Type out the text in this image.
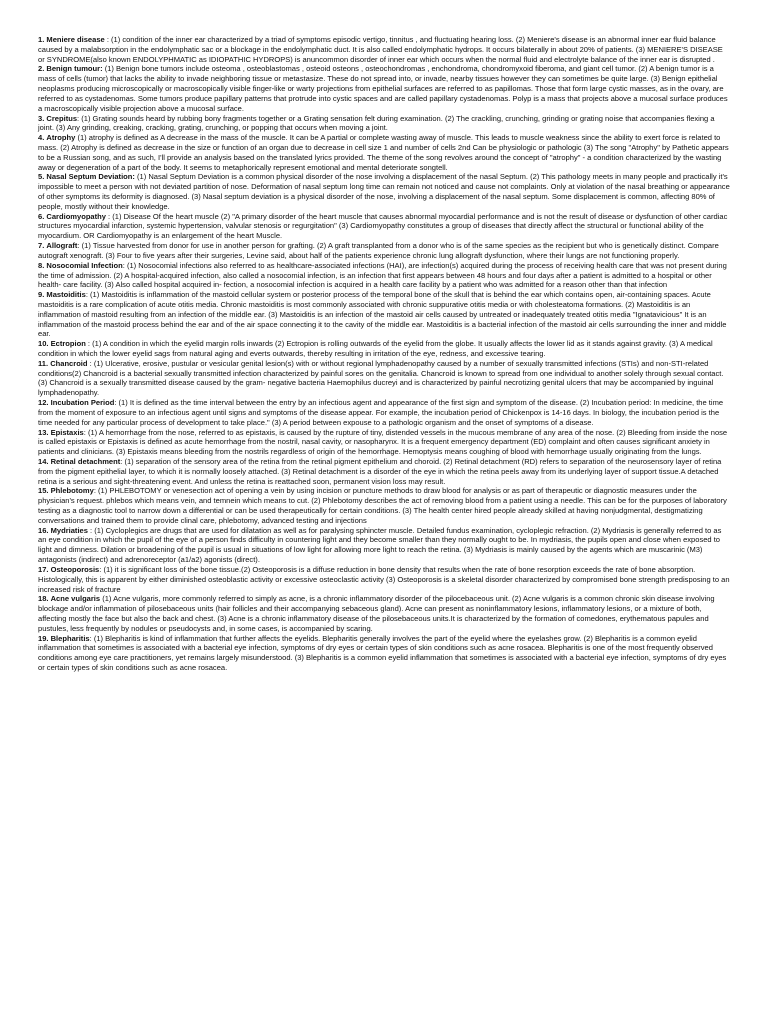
1. Meniere disease : (1) condition of the inner ear characterized by a triad of symptoms episodic vertigo, tinnitus , and fluctuating hearing loss. (2) Meniere's disease is an abnormal inner ear fluid balance caused by a malabsorption in the endolymphatic sac or a blockage in the endolymphatic duct. It is also called endolymphatic hydrops. It occurs bilaterally in about 20% of patients. (3) MENIERE'S DISEASE or SYNDROME(also known ENDOLYPHMATIC as IDIOPATHIC HYDROPS) is anuncommon disorder of inner ear which occurs when the normal fluid and electrolyte balance of the inner ear is disrupted .

2. Benign tumour: (1) Benign bone tumors include osteoma , osteoblastomas , osteoid osteons , osteochondromas , enchondroma, chondromyxoid fiberoma, and giant cell tumor. (2) A benign tumor is a mass of cells (tumor) that lacks the ability to invade neighboring tissue or metastasize. These do not spread into, or invade, nearby tissues however they can sometimes be quite large. (3) Benign epithelial neoplasms producing microscopically or macroscopically visible finger-like or warty projections from epithelial surfaces are referred to as papillomas. Those that form large cystic masses, as in the ovary, are referred to as cystadenomas. Some tumors produce papillary patterns that protrude into cystic spaces and are called papillary cystadenomas. Polyp is a mass that projects above a mucosal surface produces a macroscopically visible projection above a mucosal surface.

3. Crepitus: (1) Grating sounds heard by rubbing bony fragments together or a Grating sensation felt during examination. (2) The crackling, crunching, grinding or grating noise that accompanies flexing a joint. (3) Any grinding, creaking, cracking, grating, crunching, or popping that occurs when moving a joint.

4. Atrophy (1) atrophy is defined as A decrease in the mass of the muscle. It can be A partial or complete wasting away of muscle. This leads to muscle weakness since the ability to exert force is related to mass. (2) Atrophy is defined as decrease in the size or function of an organ due to decrease in cell size 1 and number of cells 2nd Can be physiologic or pathologic (3) The song "Atrophy" by Pathetic appears to be a Russian song, and as such, I'll provide an analysis based on the translated lyrics provided. The theme of the song revolves around the concept of "atrophy" - a condition characterized by the wasting away or degeneration of a part of the body. It seems to metaphorically represent emotional and mental deteriorate songtell.

5. Nasal Septum Deviation: (1) Nasal Septum Deviation is a common physical disorder of the nose involving a displacement of the nasal Septum. (2) This pathology meets in many people and practically it's impossible to meet a person with not deviated partition of nose. Deformation of nasal septum long time can remain not noticed and cause not complaints. Only at violation of the nasal breathing or appearance of other symptoms its deformity is diagnosed. (3) Nasal septum deviation is a physical disorder of the nose, involving a displacement of the nasal septum. Some displacement is common, affecting 80% of people, mostly without their knowledge.

6. Cardiomyopathy : (1) Disease Of the heart muscle (2) "A primary disorder of the heart muscle that causes abnormal myocardial performance and is not the result of disease or dysfunction of other cardiac structures myocardial infarction, systemic hypertension, valvular stenosis or regurgitation" (3) Cardiomyopathy constitutes a group of diseases that directly affect the structural or functional ability of the myocardium. OR Cardiomyopathy is an enlargement of the heart Muscle.

7. Allograft: (1) Tissue harvested from donor for use in another person for grafting. (2) A graft transplanted from a donor who is of the same species as the recipient but who is genetically distinct. Compare autograft xenograft. (3) Four to five years after their surgeries, Levine said, about half of the patients experience chronic lung allograft dysfunction, where their lungs are not functioning properly.

8. Nosocomial Infection: (1) Nosocomial infections also referred to as healthcare-associated infections (HAI), are infection(s) acquired during the process of receiving health care that was not present during the time of admission. (2) A hospital-acquired infection, also called a nosocomial infection, is an infection that first appears between 48 hours and four days after a patient is admitted to a hospital or other health- care facility. (3) Also called hospital acquired in- fection, a nosocomial infection is acquired in a health care facility by a patient who was admitted for a reason other than that infection

9. Mastoiditis: (1) Mastoiditis is inflammation of the mastoid cellular system or posterior process of the temporal bone of the skull that is behind the ear which contains open, air-containing spaces. Acute mastoiditis is a rare complication of acute otitis media. Chronic mastoiditis is most commonly associated with chronic suppurative otitis media or with cholesteatoma formations. (2) Mastoiditis is an inflammation of mastoid resulting from an infection of the middle ear. (3) Mastoiditis is an infection of the mastoid air cells caused by untreated or inadequately treated otitis media "Ignatavicious" It is an inflammation of the mastoid process behind the ear and of the air space connecting it to the cavity of the middle ear. Mastoiditis is a bacterial infection of the mastoid air cells surrounding the inner and middle ear.

10. Ectropion : (1) A condition in which the eyelid margin rolls inwards (2) Ectropion is rolling outwards of the eyelid from the globe. It usually affects the lower lid as it stands against gravity. (3) A medical condition in which the lower eyelid sags from natural aging and everts outwards, thereby resulting in irritation of the eye, redness, and excessive tearing.

11. Chancroid : (1) Ulcerative, erosive, pustular or vesicular genital lesion(s) with or without regional lymphadenopathy caused by a number of sexually transmitted infections (STIs) and non-STI-related conditions(2) Chancroid is a bacterial sexually transmitted infection characterized by painful sores on the genitalia. Chancroid is known to spread from one individual to another solely through sexual contact. (3) Chancroid is a sexually transmitted disease caused by the gram- negative bacteria Haemophilus ducreyi and is characterized by painful necrotizing genital ulcers that may be accompanied by inguinal lymphadenopathy.

12. Incubation Period: (1) It is defined as the time interval between the entry by an infectious agent and appearance of the first sign and symptom of the disease. (2) Incubation period: In medicine, the time from the moment of exposure to an infectious agent until signs and symptoms of the disease appear. For example, the incubation period of Chickenpox is 14-16 days. In biology, the incubation period is the time needed for any particular process of development to take place." (3) A period between expouse to a pathologic organism and the onset of symptoms of a disease.

13. Epistaxis: (1) A hemorrhage from the nose, referred to as epistaxis, is caused by the rupture of tiny, distended vessels in the mucous membrane of any area of the nose. (2) Bleeding from inside the nose is called epistaxis or Epistaxis is defined as acute hemorrhage from the nostril, nasal cavity, or nasopharynx. It is a frequent emergency department (ED) complaint and often causes significant anxiety in patients and clinicians. (3) Epistaxis means bleeding from the nostrils regardless of origin of the hemorrhage. Hemoptysis means coughing of blood with hemorrhage usually originating from the lungs.

14. Retinal detachment: (1) separation of the sensory area of the retina from the retinal pigment epithelium and choroid. (2) Retinal detachment (RD) refers to separation of the neurosensory layer of retina from the pigment epithelial layer, to which it is normally loosely attached. (3) Retinal detachment is a disorder of the eye in which the retina peels away from its underlying layer of support tissue.A detached retina is a serious and sight-threatening event. And unless the retina is reattached soon, permanent vision loss may result.

15. Phlebotomy: (1) PHLEBOTOMY or venesection act of opening a vein by using incision or puncture methods to draw blood for analysis or as part of therapeutic or diagnostic measures under the physician's request. phlebos which means vein, and temnein which means to cut. (2) Phlebotomy describes the act of removing blood from a patient using a needle. This can be for the purposes of laboratory testing as a diagnostic tool to narrow down a differential or can be used therapeutically for certain conditions. (3) The health center hired people already skilled at having nonjudgmental, destigmatizing conversations and trained them to provide clinal care, phlebotomy, advanced testing and injections

16. Mydriaties : (1) Cycloplegics are drugs that are used for dilatation as well as for paralysing sphincter muscle. Detailed fundus examination, cycloplegic refraction. (2) Mydriasis is generally referred to as an eye condition in which the pupil of the eye of a person finds difficulty in countering light and they become smaller than they normally ought to be. In mydriasis, the pupils open and close when exposed to light and dimness. Dilation or broadening of the pupil is usual in situations of low light for allowing more light to reach the retina. (3) Mydriasis is mainly caused by the agents which are muscarinic (M3) antagonists (indirect) and adrenoreceptor (a1/a2) agonists (direct).

17. Osteoporosis: (1) it is significant loss of the bone tissue.(2) Osteoporosis is a diffuse reduction in bone density that results when the rate of bone resorption exceeds the rate of bone absorption. Histologically, this is apparent by either diminished osteoblastic activity or excessive osteoclastic activity (3) Osteoporosis is a skeletal disorder characterized by compromised bone strength predisposing to an increased risk of fracture

18. Acne vulgaris (1) Acne vulgaris, more commonly referred to simply as acne, is a chronic inflammatory disorder of the pilocebaceous unit. (2) Acne vulgaris is a common chronic skin disease involving blockage and/or inflammation of pilosebaceous units (hair follicles and their accompanying sebaceous gland). Acne can present as noninflammatory lesions, inflammatory lesions, or a mixture of both, affecting mostly the face but also the back and chest. (3) Acne is a chronic inflammatory disease of the pilosebaceous units.It is characterized by the formation of comedones, erythematous papules and pustules, less frequently by nodules or pseudocysts and, in some cases, is accompanied by scaring.

19. Blepharitis: (1) Blepharitis is kind of inflammation that further affects the eyelids. Blepharitis generally involves the part of the eyelid where the eyelashes grow. (2) Blepharitis is a common eyelid inflammation that sometimes is associated with a bacterial eye infection, symptoms of dry eyes or certain types of skin conditions such as acne rosacea. Blepharitis is one of the most frequently observed conditions among eye care practitioners, yet remains largely misunderstood. (3) Blepharitis is a common eyelid inflammation that sometimes is associated with a bacterial eye infection, symptoms of dry eyes or certain types of skin conditions such as acne rosacea.
